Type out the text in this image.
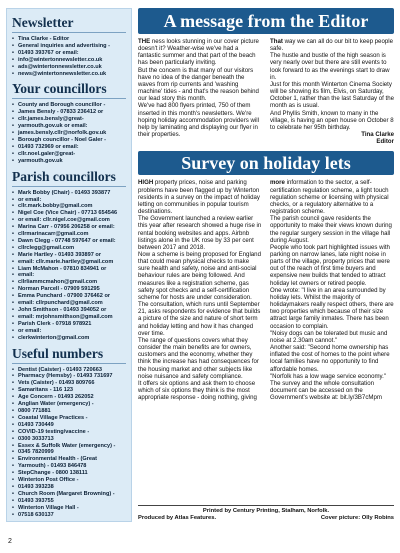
Newsletter
• Tina Clarke - Editor
• General inquiries and advertising -
• 01493 393767 or email:
• info@wintertonnewsletter.co.uk
• ads@wintertonnewsletter.co.uk
• news@wintertonnewsletter.co.uk
Your councillors
• County and Borough councillor -
• James Bensly - 07833 236412 or
• cllr.james.bensly@great-
• yarmouth.gov.uk or email:
• james.bensly.cllr@norfolk.gov.uk
• Borough councillor - Noel Galer -
• 01493 732969 or email:
• cllr.noel.galer@great-
• yarmouth.gov.uk
Parish councillors
• Mark Bobby (Chair) - 01493 393877
• or email:
• cllr.mark.bobby@gmail.com
• Nigel Coe (Vice Chair) - 07713 654546
• or email: cllr.nigel.coe@gmail.com
• Marina Carr - 07956 206258 or email:
• cllrmarinacarr@gmail.com
• Dawn Clegg - 07748 597647 or email:
• cllrclegg@gmail.com
• Marie Hartley - 01493 393897 or
• email: cllr.marie.hartley@gmail.com
• Liam McMahon - 07810 834941 or
• email:
• cllrliammcmahon@gmail.com
• Norman Parcell - 07909 591295
• Emma Punchard - 07900 376462 or
• email: cllrpunchard@gmail.com
• John Smithson - 01493 394052 or
• email: mrjohnsmithson@gmail.com
• Parish Clerk - 07918 978921
• or email:
• clerkwinterton@gmail.com
Useful numbers
• Dentist (Caister) - 01493 720663
• Pharmacy (Hemsby) - 01493 731697
• Vets (Caister) - 01493 809766
• Samaritans - 116 123
• Age Concern - 01493 262052
• Anglian Water (emergency) -
• 0800 771881
• Coastal Village Practices -
• 01493 730449
• COVID-19 testing/vaccine -
• 0300 3033713
• Essex & Suffolk Water (emergency) -
• 0345 7820999
• Environmental Health - (Great
• Yarmouth) - 01493 846478
• StepChange - 0800 138111
• Winterton Post Office -
• 01493 393238
• Church Room (Margaret Browning) -
• 01493 393755
• Winterton Village Hall -
• 07518 630137
A message from the Editor

THE ness looks stunning in our cover picture doesn't it? Weather-wise we've had a fantastic summer and that part of the beach has been particularly inviting.

But the concern is that many of our visitors have no idea of the danger beneath the waves from rip currents and 'washing machine' tides - and that's the reason behind our lead story this month.

We've had 800 flyers printed, 750 of them inserted in this month's newsletters. We're hoping holiday accommodation providers will help by laminating and displaying our flyer in their properties.

That way we can all do our bit to keep people safe.

The hustle and bustle of the high season is very nearly over but there are still events to look forward to as the evenings start to draw in.

Just for this month Winterton Cinema Society will be showing its film, Elvis, on Saturday, October 1, rather than the last Saturday of the month as is usual.

And Phyllis Smith, known to many in the village, is having an open house on October 8 to celebrate her 95th birthday.

Tina Clarke
Editor
Survey on holiday lets

HIGH property prices, noise and parking problems have been flagged up by Winterton residents in a survey on the impact of holiday letting on communities in popular tourism destinations.

The Government launched a review earlier this year after research showed a huge rise in rental booking websites and apps. Airbnb listings alone in the UK rose by 33 per cent between 2017 and 2018.

Now a scheme is being proposed for England that could mean physical checks to make sure health and safety, noise and anti-social behaviour rules are being followed. And measures like a registration scheme, gas safety spot checks and a self-certification scheme for hosts are under consideration.

The consultation, which runs until September 21, asks respondents for evidence that builds a picture of the size and nature of short term and holiday letting and how it has changed over time.

The range of questions covers what they consider the main benefits are for owners, customers and the economy, whether they think the increase has had consequences for the housing market and other subjects like noise nuisance and safety compliance.

It offers six options and ask them to choose which of six options they think is the most appropriate response - doing nothing, giving

more information to the sector, a self-certification regulation scheme, a light touch regulation scheme or licensing with physical checks, or a regulatory alternative to a registration scheme.

The parish council gave residents the opportunity to make their views known during the regular surgery session in the village hall during August.

People who took part highlighted issues with parking on narrow lanes, late night noise in parts of the village, property prices that were out of the reach of first time buyers and expensive new builds that tended to attract holiday let owners or retired people.

One wrote: "I live in an area surrounded by holiday lets. Whilst the majority of holidaymakers really respect others, there are two properties which because of their size attract large family inmates. There has been occasion to complain.

"Noisy dogs can be tolerated but music and noise at 2.30am cannot."

Another said: "Second home ownership has inflated the cost of homes to the point where local families have no opportunity to find affordable homes.

"Norfolk has a low wage service economy."

The survey and the whole consultation document can be accessed on the Government's website at: bit.ly/3B7cMpm

Printed by Century Printing, Stalham, Norfolk.
Produced by Atlas Features.	Cover picture: Olly Robins
2
